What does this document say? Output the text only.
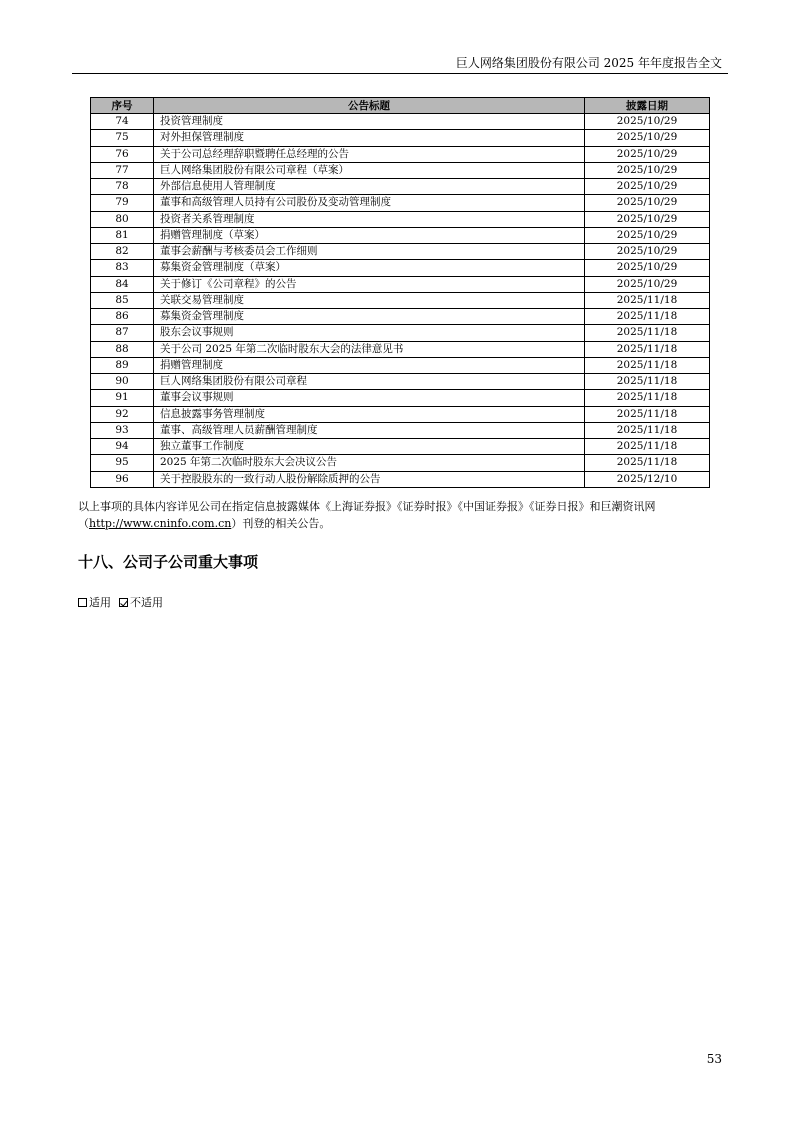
巨人网络集团股份有限公司 2025 年年度报告全文
序号	公告标题	披露日期
74	投资管理制度	2025/10/29
75	对外担保管理制度	2025/10/29
76	关于公司总经理辞职暨聘任总经理的公告	2025/10/29
77	巨人网络集团股份有限公司章程（草案）	2025/10/29
78	外部信息使用人管理制度	2025/10/29
79	董事和高级管理人员持有公司股份及变动管理制度	2025/10/29
80	投资者关系管理制度	2025/10/29
81	捐赠管理制度（草案）	2025/10/29
82	董事会薪酬与考核委员会工作细则	2025/10/29
83	募集资金管理制度（草案）	2025/10/29
84	关于修订《公司章程》的公告	2025/10/29
85	关联交易管理制度	2025/11/18
86	募集资金管理制度	2025/11/18
87	股东会议事规则	2025/11/18
88	关于公司 2025 年第二次临时股东大会的法律意见书	2025/11/18
89	捐赠管理制度	2025/11/18
90	巨人网络集团股份有限公司章程	2025/11/18
91	董事会议事规则	2025/11/18
92	信息披露事务管理制度	2025/11/18
93	董事、高级管理人员薪酬管理制度	2025/11/18
94	独立董事工作制度	2025/11/18
95	2025 年第二次临时股东大会决议公告	2025/11/18
96	关于控股股东的一致行动人股份解除质押的公告	2025/12/10
以上事项的具体内容详见公司在指定信息披露媒体《上海证券报》《证券时报》《中国证券报》《证券日报》和巨潮资讯网（http://www.cninfo.com.cn）刊登的相关公告。
十八、公司子公司重大事项
适用 不适用
53
